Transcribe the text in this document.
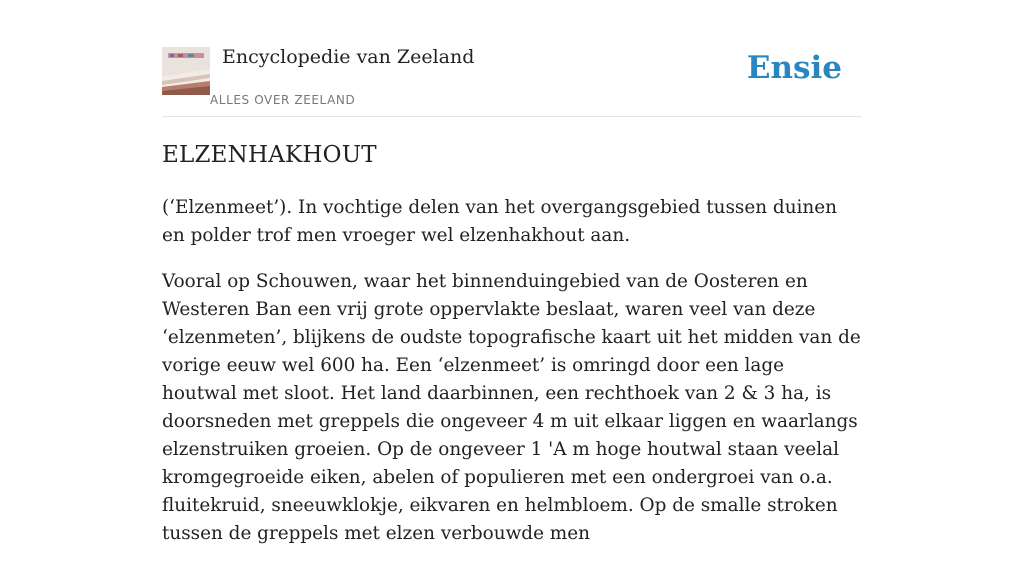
Encyclopedie van Zeeland
ALLES OVER ZEELAND
Ensie
ELZENHAKHOUT

(‘Elzenmeet’). In vochtige delen van het overgangsgebied tussen duinen en polder trof men vroeger wel elzenhakhout aan.

Vooral op Schouwen, waar het binnenduingebied van de Oosteren en Westeren Ban een vrij grote oppervlakte beslaat, waren veel van deze ‘elzenmeten’, blijkens de oudste topografische kaart uit het midden van de vorige eeuw wel 600 ha. Een ‘elzenmeet’ is omringd door een lage houtwal met sloot. Het land daarbinnen, een rechthoek van 2 & 3 ha, is doorsneden met greppels die ongeveer 4 m uit elkaar liggen en waarlangs elzenstruiken groeien. Op de ongeveer 1 'A m hoge houtwal staan veelal kromgegroeide eiken, abelen of populieren met een ondergroei van o.a. fluitekruid, sneeuwklokje, eikvaren en helmbloem. Op de smalle stroken tussen de greppels met elzen verbouwde men
